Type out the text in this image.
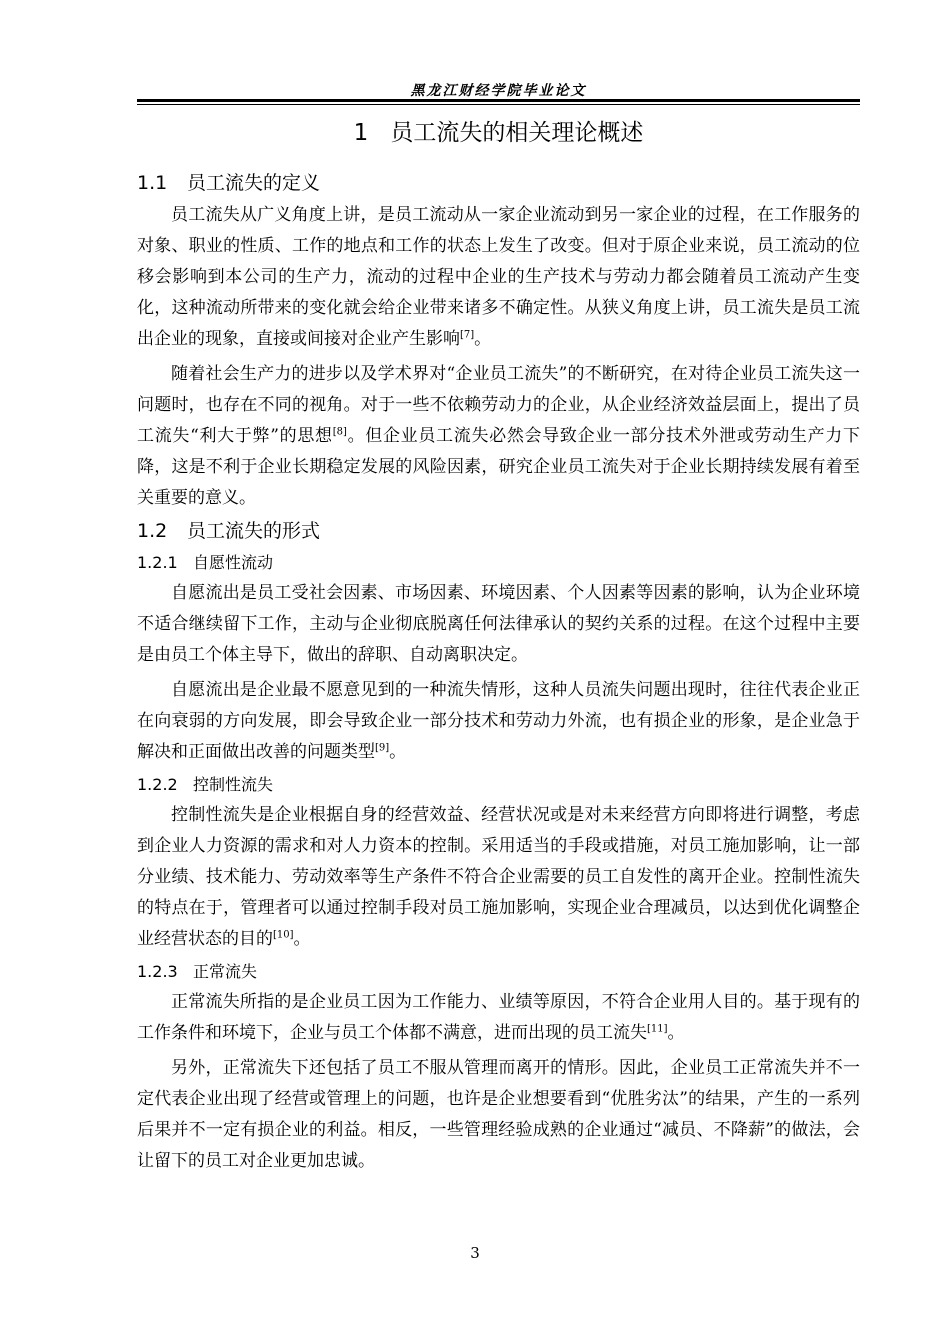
黑龙江财经学院毕业论文
1 员工流失的相关理论概述
1.1 员工流失的定义

员工流失从广义角度上讲，是员工流动从一家企业流动到另一家企业的过程，在工作服务的对象、职业的性质、工作的地点和工作的状态上发生了改变。但对于原企业来说，员工流动的位移会影响到本公司的生产力，流动的过程中企业的生产技术与劳动力都会随着员工流动产生变化，这种流动所带来的变化就会给企业带来诸多不确定性。从狭义角度上讲，员工流失是员工流出企业的现象，直接或间接对企业产生影响[7]。

随着社会生产力的进步以及学术界对“企业员工流失”的不断研究，在对待企业员工流失这一问题时，也存在不同的视角。对于一些不依赖劳动力的企业，从企业经济效益层面上，提出了员工流失“利大于弊”的思想[8]。但企业员工流失必然会导致企业一部分技术外泄或劳动生产力下降，这是不利于企业长期稳定发展的风险因素，研究企业员工流失对于企业长期持续发展有着至关重要的意义。

1.2 员工流失的形式
1.2.1 自愿性流动

自愿流出是员工受社会因素、市场因素、环境因素、个人因素等因素的影响，认为企业环境不适合继续留下工作，主动与企业彻底脱离任何法律承认的契约关系的过程。在这个过程中主要是由员工个体主导下，做出的辞职、自动离职决定。

自愿流出是企业最不愿意见到的一种流失情形，这种人员流失问题出现时，往往代表企业正在向衰弱的方向发展，即会导致企业一部分技术和劳动力外流，也有损企业的形象，是企业急于解决和正面做出改善的问题类型[9]。

1.2.2 控制性流失

控制性流失是企业根据自身的经营效益、经营状况或是对未来经营方向即将进行调整，考虑到企业人力资源的需求和对人力资本的控制。采用适当的手段或措施，对员工施加影响，让一部分业绩、技术能力、劳动效率等生产条件不符合企业需要的员工自发性的离开企业。控制性流失的特点在于，管理者可以通过控制手段对员工施加影响，实现企业合理减员，以达到优化调整企业经营状态的目的[10]。

1.2.3 正常流失

正常流失所指的是企业员工因为工作能力、业绩等原因，不符合企业用人目的。基于现有的工作条件和环境下，企业与员工个体都不满意，进而出现的员工流失[11]。

另外，正常流失下还包括了员工不服从管理而离开的情形。因此，企业员工正常流失并不一定代表企业出现了经营或管理上的问题，也许是企业想要看到“优胜劣汰”的结果，产生的一系列后果并不一定有损企业的利益。相反，一些管理经验成熟的企业通过“减员、不降薪”的做法，会让留下的员工对企业更加忠诚。

3
